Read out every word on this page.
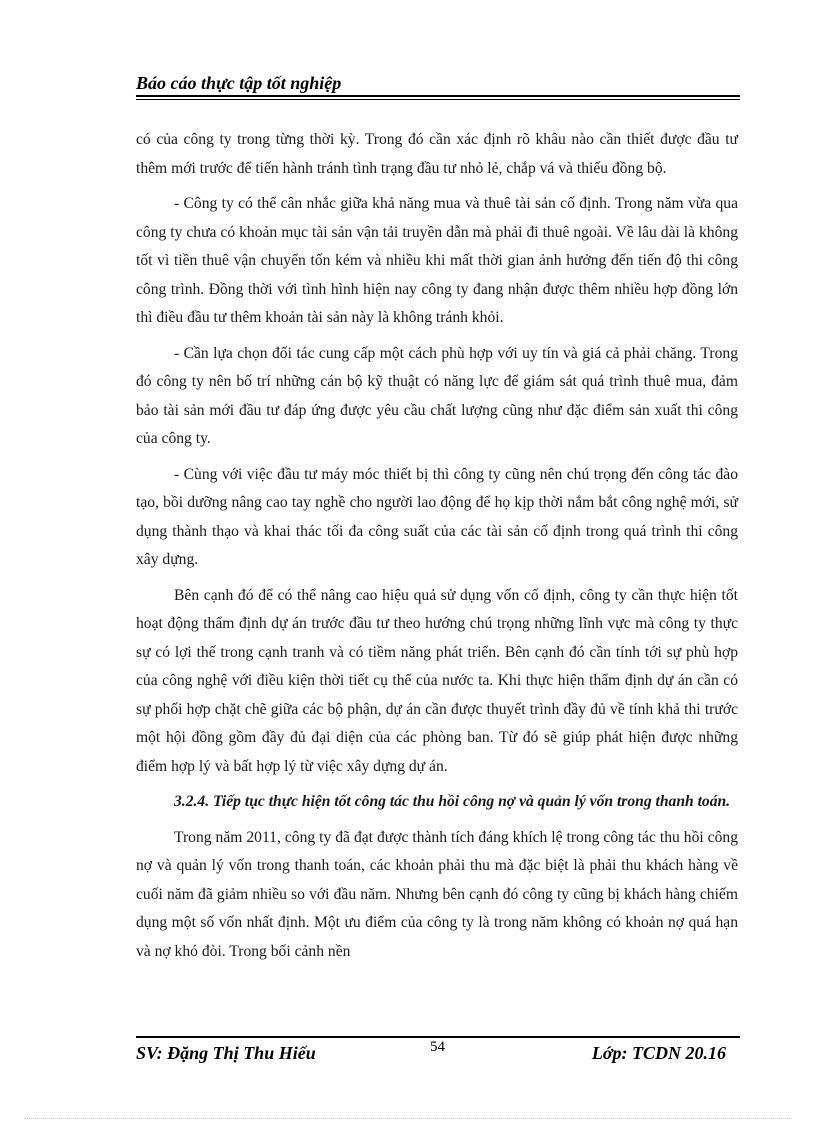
Báo cáo thực tập tốt nghiệp

có của công ty trong từng thời kỳ. Trong đó cần xác định rõ khâu nào cần thiết được đầu tư thêm mới trước để tiến hành tránh tình trạng đầu tư nhỏ lẻ, chắp vá và thiếu đồng bộ.

- Công ty có thể cân nhắc giữa khả năng mua và thuê tài sản cố định. Trong năm vừa qua công ty chưa có khoản mục tài sản vận tải truyền dẫn mà phải đi thuê ngoài. Về lâu dài là không tốt vì tiền thuê vận chuyển tốn kém và nhiều khi mất thời gian ảnh hưởng đến tiến độ thi công công trình. Đồng thời với tình hình hiện nay công ty đang nhận được thêm nhiều hợp đồng lớn thì điều đầu tư thêm khoản tài sản này là không tránh khỏi.

- Cần lựa chọn đối tác cung cấp một cách phù hợp với uy tín và giá cả phải chăng. Trong đó công ty nên bố trí những cán bộ kỹ thuật có năng lực để giám sát quá trình thuê mua, đảm bảo tài sản mới đầu tư đáp ứng được yêu cầu chất lượng cũng như đặc điểm sản xuất thi công của công ty.

- Cùng với việc đầu tư máy móc thiết bị thì công ty cũng nên chú trọng đến công tác đào tạo, bồi dưỡng nâng cao tay nghề cho người lao động để họ kịp thời nắm bắt công nghệ mới, sử dụng thành thạo và khai thác tối đa công suất của các tài sản cố định trong quá trình thi công xây dựng.

Bên cạnh đó để có thể nâng cao hiệu quả sử dụng vốn cố định, công ty cần thực hiện tốt hoạt động thẩm định dự án trước đầu tư theo hướng chú trọng những lĩnh vực mà công ty thực sự có lợi thế trong cạnh tranh và có tiềm năng phát triển. Bên cạnh đó cần tính tới sự phù hợp của công nghệ với điều kiện thời tiết cụ thể của nước ta. Khi thực hiện thẩm định dự án cần có sự phối hợp chặt chẽ giữa các bộ phận, dự án cần được thuyết trình đầy đủ về tính khả thi trước một hội đồng gồm đầy đủ đại diện của các phòng ban. Từ đó sẽ giúp phát hiện được những điểm hợp lý và bất hợp lý từ việc xây dựng dự án.

3.2.4. Tiếp tục thực hiện tốt công tác thu hồi công nợ và quản lý vốn trong thanh toán.

Trong năm 2011, công ty đã đạt được thành tích đáng khích lệ trong công tác thu hồi công nợ và quản lý vốn trong thanh toán, các khoản phải thu mà đặc biệt là phải thu khách hàng về cuối năm đã giảm nhiều so với đầu năm. Nhưng bên cạnh đó công ty cũng bị khách hàng chiếm dụng một số vốn nhất định. Một ưu điểm của công ty là trong năm không có khoản nợ quá hạn và nợ khó đòi. Trong bối cảnh nền

SV: Đặng Thị Thu Hiếu	54	Lớp: TCDN 20.16
